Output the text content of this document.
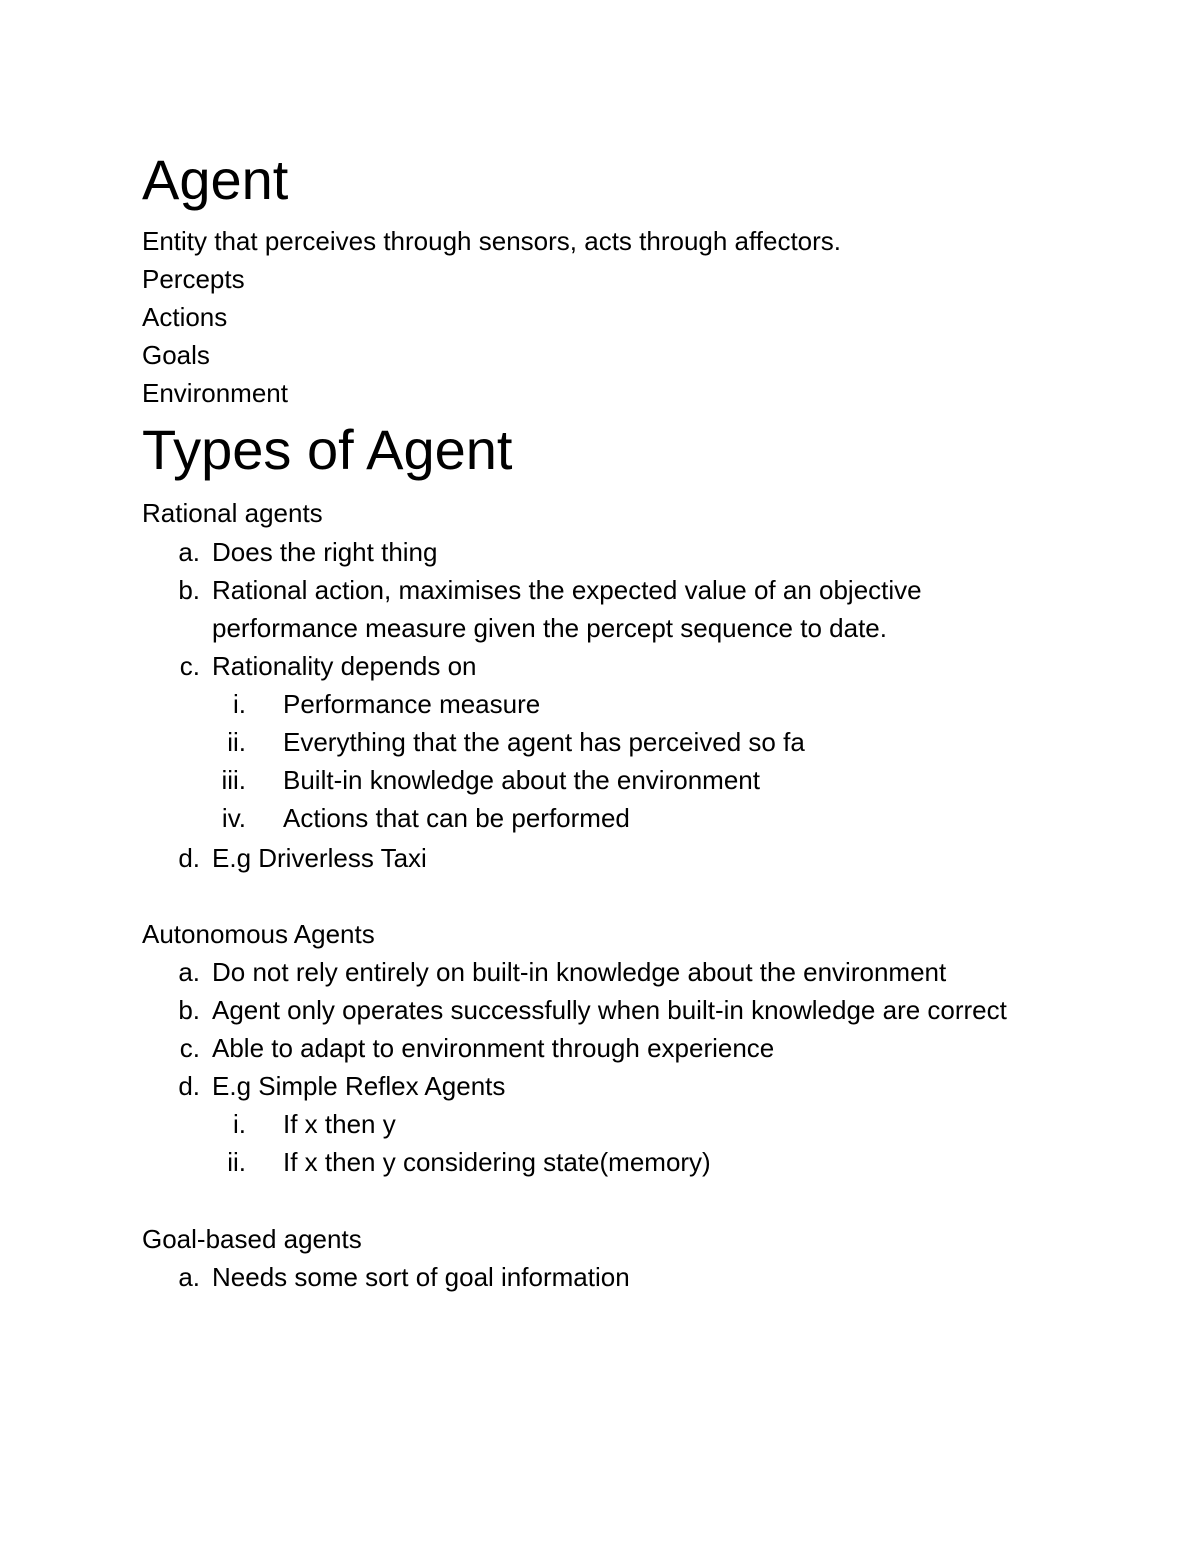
Agent
Entity that perceives through sensors, acts through affectors.
Percepts
Actions
Goals
Environment
Types of Agent
Rational agents
a. Does the right thing
b. Rational action, maximises the expected value of an objective
performance measure given the percept sequence to date.
c. Rationality depends on
i. Performance measure
ii. Everything that the agent has perceived so fa
iii. Built-in knowledge about the environment
iv. Actions that can be performed
d. E.g Driverless Taxi
Autonomous Agents
a. Do not rely entirely on built-in knowledge about the environment
b. Agent only operates successfully when built-in knowledge are correct
c. Able to adapt to environment through experience
d. E.g Simple Reflex Agents
i. If x then y
ii. If x then y considering state(memory)
Goal-based agents
a. Needs some sort of goal information
